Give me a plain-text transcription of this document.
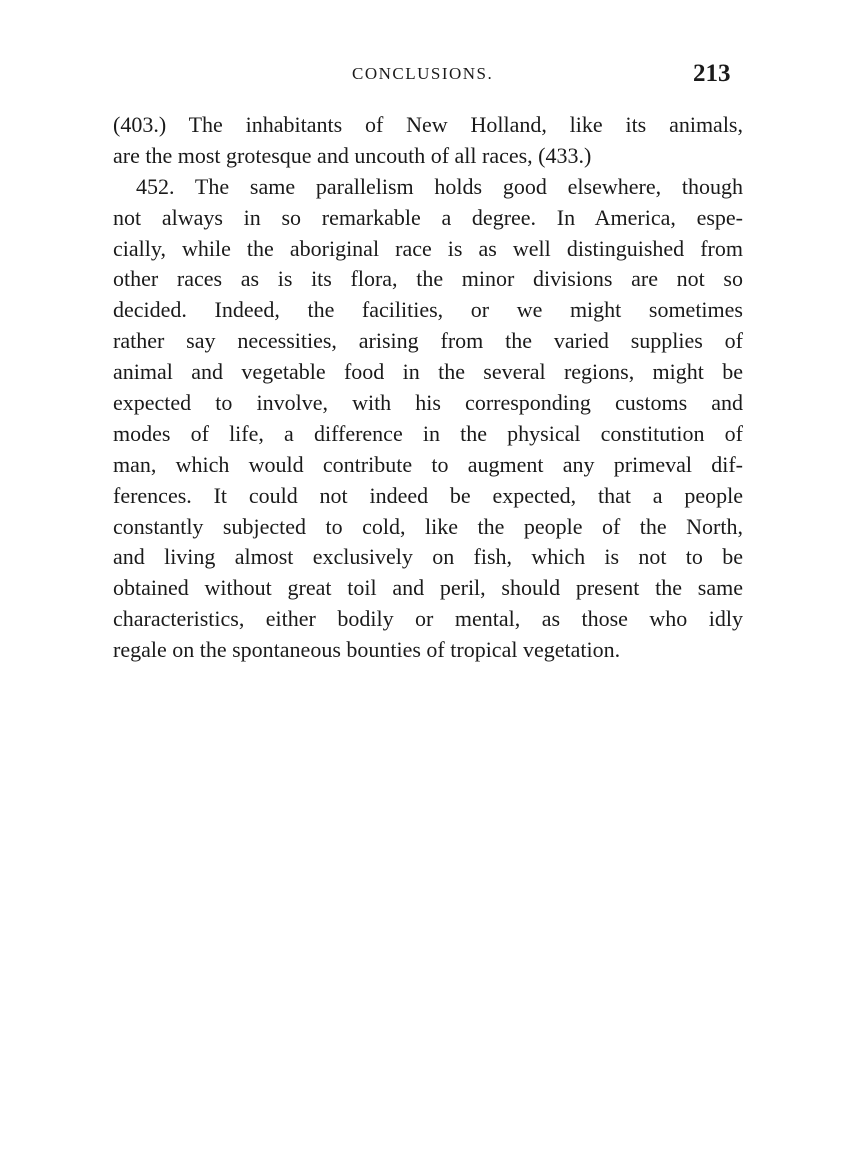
CONCLUSIONS.	213
(403.) The inhabitants of New Holland, like its animals,
are the most grotesque and uncouth of all races, (433.)
452. The same parallelism holds good elsewhere, though
not always in so remarkable a degree. In America, espe-
cially, while the aboriginal race is as well distinguished from
other races as is its flora, the minor divisions are not so
decided. Indeed, the facilities, or we might sometimes
rather say necessities, arising from the varied supplies of
animal and vegetable food in the several regions, might be
expected to involve, with his corresponding customs and
modes of life, a difference in the physical constitution of
man, which would contribute to augment any primeval dif-
ferences. It could not indeed be expected, that a people
constantly subjected to cold, like the people of the North,
and living almost exclusively on fish, which is not to be
obtained without great toil and peril, should present the same
characteristics, either bodily or mental, as those who idly
regale on the spontaneous bounties of tropical vegetation.
